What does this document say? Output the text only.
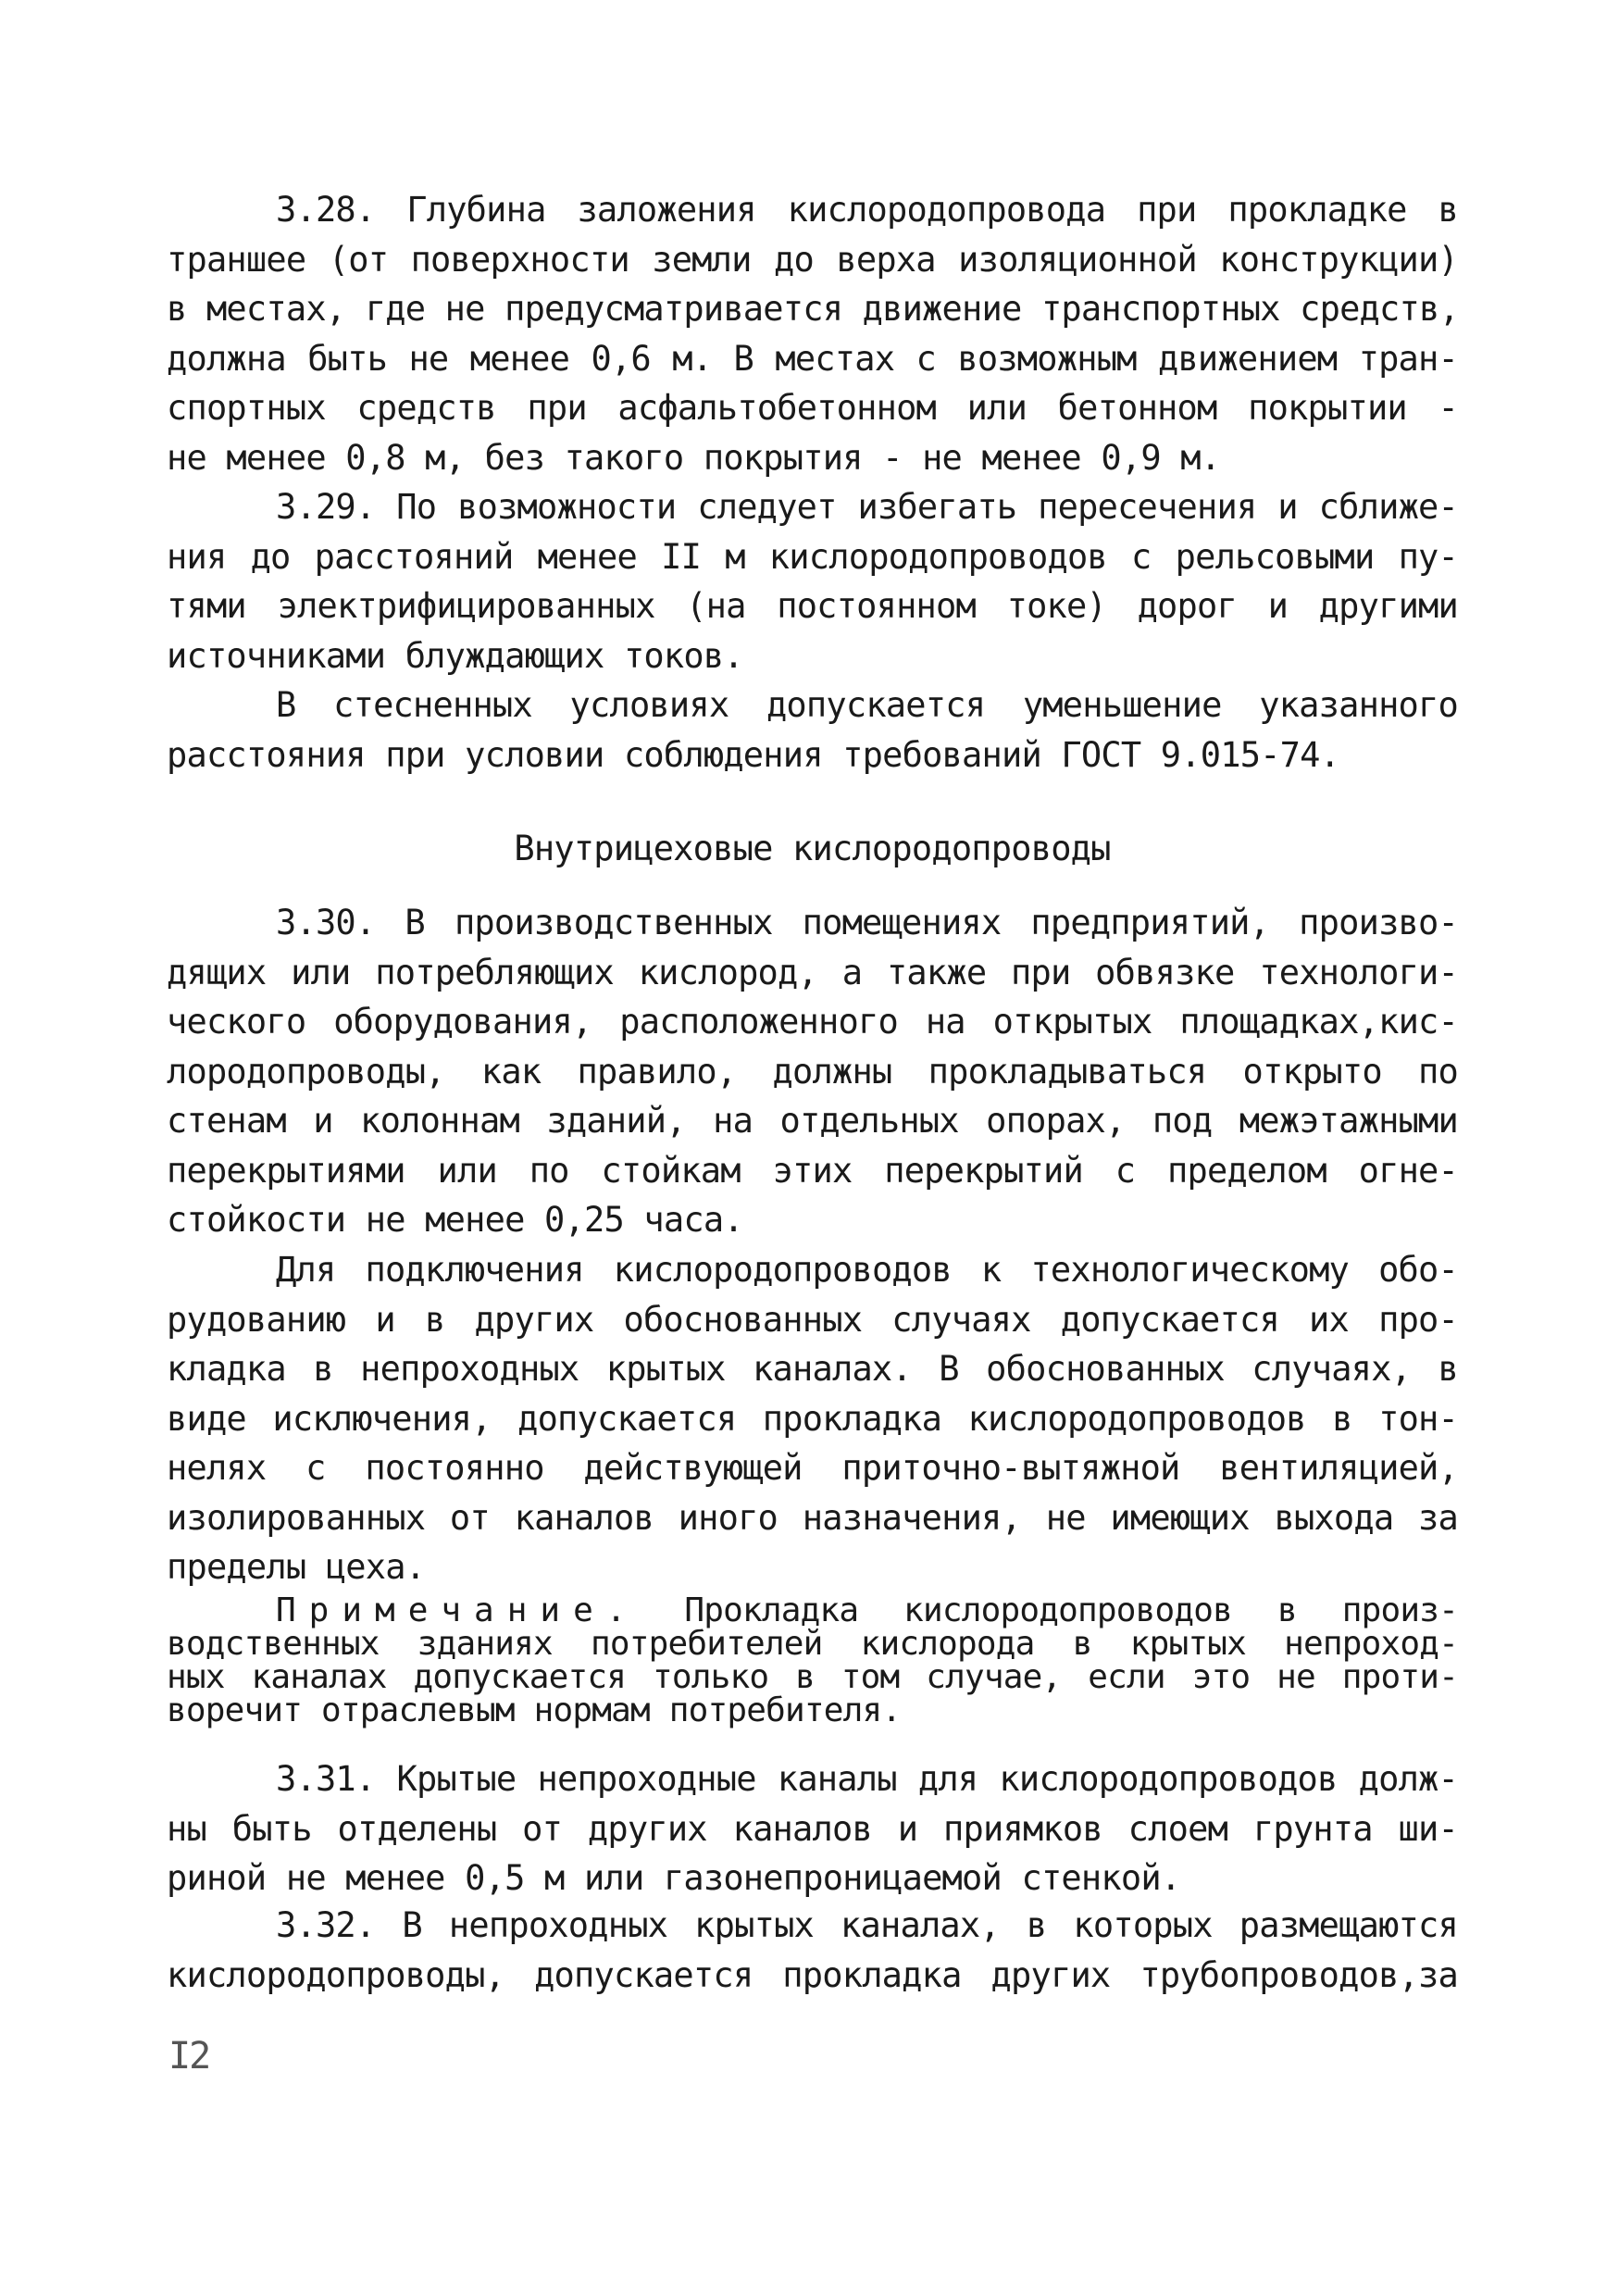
3.28. Глубина заложения кислородопровода при прокладке в
траншее (от поверхности земли до верха изоляционной конструкции)
в местах, где не предусматривается движение транспортных средств,
должна быть не менее 0,6 м. В местах с возможным движением тран-
спортных средств при асфальтобетонном или бетонном покрытии -
не менее 0,8 м, без такого покрытия - не менее 0,9 м.
3.29. По возможности следует избегать пересечения и сближе-
ния до расстояний менее II м кислородопроводов с рельсовыми пу-
тями электрифицированных (на постоянном токе) дорог и другими
источниками блуждающих токов.
В стесненных условиях допускается уменьшение указанного
расстояния при условии соблюдения требований ГОСТ 9.015-74.
Внутрицеховые кислородопроводы
3.30. В производственных помещениях предприятий, произво-
дящих или потребляющих кислород, а также при обвязке технологи-
ческого оборудования, расположенного на открытых площадках,кис-
лородопроводы, как правило, должны прокладываться открыто по
стенам и колоннам зданий, на отдельных опорах, под межэтажными
перекрытиями или по стойкам этих перекрытий с пределом огне-
стойкости не менее 0,25 часа.
Для подключения кислородопроводов к технологическому обо-
рудованию и в других обоснованных случаях допускается их про-
кладка в непроходных крытых каналах. В обоснованных случаях, в
виде исключения, допускается прокладка кислородопроводов в тон-
нелях с постоянно действующей приточно-вытяжной вентиляцией,
изолированных от каналов иного назначения, не имеющих выхода за
пределы цеха.
Примечание. Прокладка кислородопроводов в произ-
водственных зданиях потребителей кислорода в крытых непроход-
ных каналах допускается только в том случае, если это не проти-
воречит отраслевым нормам потребителя.
3.31. Крытые непроходные каналы для кислородопроводов долж-
ны быть отделены от других каналов и приямков слоем грунта ши-
риной не менее 0,5 м или газонепроницаемой стенкой.
3.32. В непроходных крытых каналах, в которых размещаются
кислородопроводы, допускается прокладка других трубопроводов,за
I2
